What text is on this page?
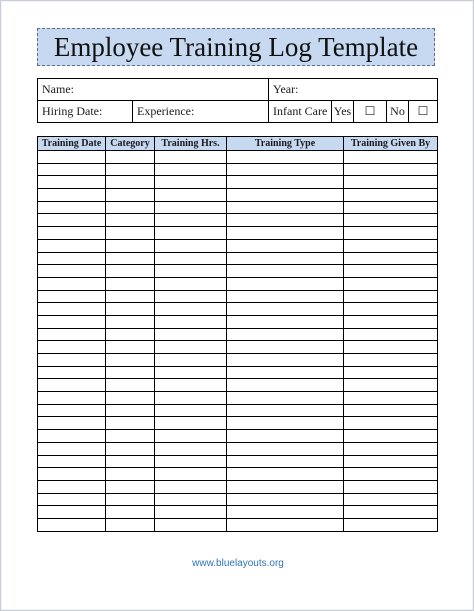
Employee Training Log Template
Name:		Year:				
Hiring Date:	Experience:	Infant Care	Yes	☐	No	☐
Training Date	Category	Training Hrs.	Training Type	Training Given By

www.bluelayouts.org
